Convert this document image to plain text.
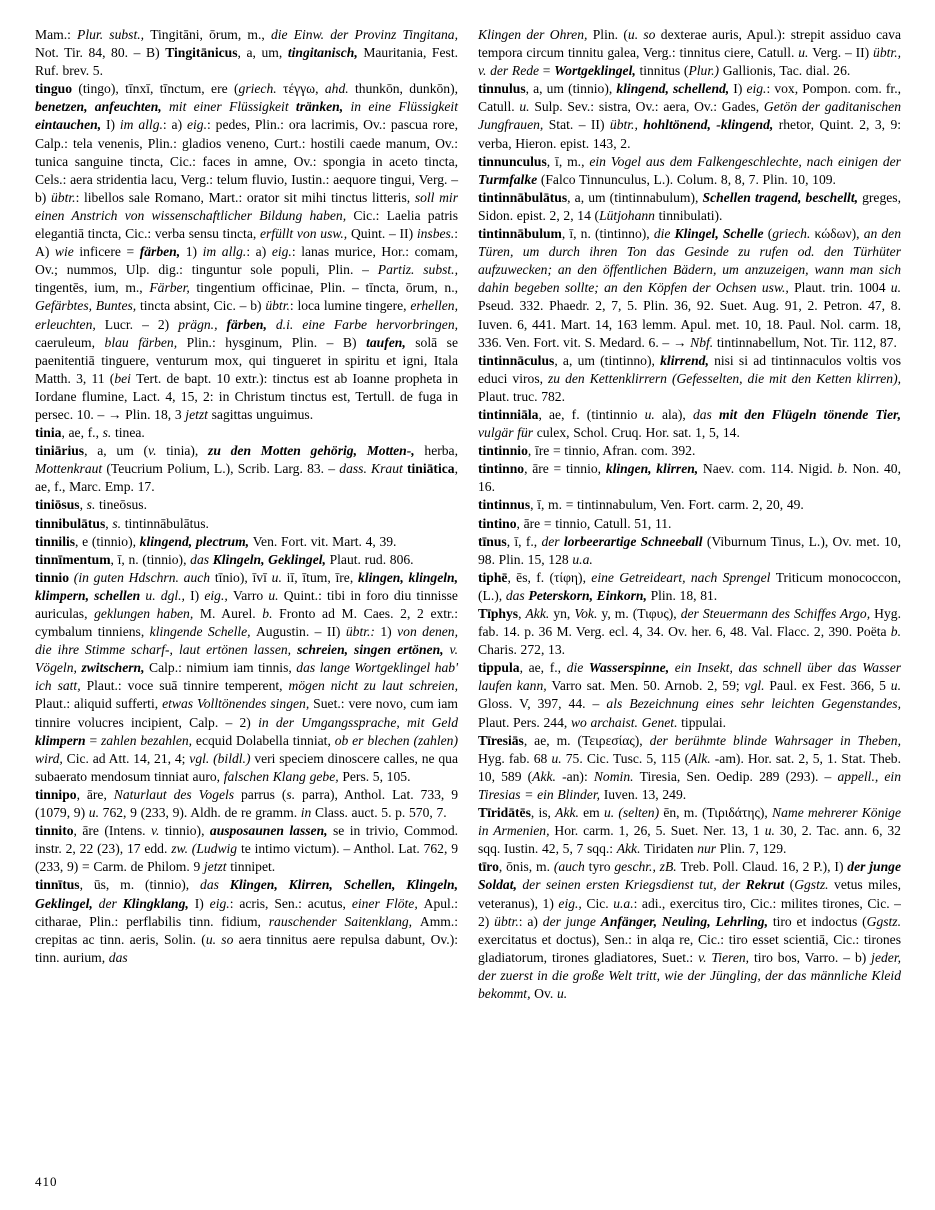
Mam.: Plur. subst., Tingitāni, ōrum, m., die Einw. der Provinz Tingitana, Not. Tir. 84, 80. – B) Tingitānicus, a, um, tingitanisch, Mauritania, Fest. Ruf. brev. 5.

tinguo (tingo), tīnxī, tīnctum, ere (griech. τέγγω, ahd. thunkōn, dunkōn), benetzen, anfeuchten, mit einer Flüssigkeit tränken, in eine Flüssigkeit eintauchen, I) im allg.: a) eig.: pedes, Plin.: ora lacrimis, Ov.: pascua rore, Calp.: tela venenis, Plin.: gladios veneno, Curt.: hostili caede manum, Ov.: tunica sanguine tincta, Cic.: faces in amne, Ov.: spongia in aceto tincta, Cels.: aera stridentia lacu, Verg.: telum fluvio, Iustin.: aequore tingui, Verg. – b) übtr.: libellos sale Romano, Mart.: orator sit mihi tinctus litteris, soll mir einen Anstrich von wissenschaftlicher Bildung haben, Cic.: Laelia patris elegantiā tincta, Cic.: verba sensu tincta, erfüllt von usw., Quint. – II) insbes.: A) wie inficere = färben, 1) im allg.: a) eig.: lanas murice, Hor.: comam, Ov.; nummos, Ulp. dig.: tinguntur sole populi, Plin. – Partiz. subst., tingentēs, ium, m., Färber, tingentium officinae, Plin. – tīncta, ōrum, n., Gefärbtes, Buntes, tincta absint, Cic. – b) übtr.: loca lumine tingere, erhellen, erleuchten, Lucr. – 2) prägn., färben, d.i. eine Farbe hervorbringen, caeruleum, blau färben, Plin.: hysginum, Plin. – B) taufen, solā se paenitentiā tinguere, venturum mox, qui tingueret in spiritu et igni, Itala Matth. 3, 11 (bei Tert. de bapt. 10 extr.): tinctus est ab Ioanne propheta in Iordane flumine, Lact. 4, 15, 2: in Christum tinctus est, Tertull. de fuga in persec. 10. – → Plin. 18, 3 jetzt sagittas unguimus.

tinia, ae, f., s. tinea.

tiniārius, a, um (v. tinia), zu den Motten gehörig, Motten-, herba, Mottenkraut (Teucrium Polium, L.), Scrib. Larg. 83. – dass. Kraut tiniātica, ae, f., Marc. Emp. 17.

tiniōsus, s. tineōsus.

tinnibulātus, s. tintinnābulātus.

tinnilis, e (tinnio), klingend, plectrum, Ven. Fort. vit. Mart. 4, 39.

tinnīmentum, ī, n. (tinnio), das Klingeln, Geklingel, Plaut. rud. 806.

tinnio (in guten Hdschrn. auch tīnio), īvī u. iī, ītum, īre, klingen, klingeln, klimpern, schellen u. dgl., I) eig., Varro u. Quint.: tibi in foro diu tinnisse auriculas, geklungen haben, M. Aurel. b. Fronto ad M. Caes. 2, 2 extr.: cymbalum tinniens, klingende Schelle, Augustin. – II) übtr.: 1) von denen, die ihre Stimme scharf-, laut ertönen lassen, schreien, singen ertönen, v. Vögeln, zwitschern, Calp.: nimium iam tinnis, das lange Wortgeklingel hab' ich satt, Plaut.: voce suā tinnire temperent, mögen nicht zu laut schreien, Plaut.: aliquid sufferti, etwas Volltönendes singen, Suet.: vere novo, cum iam tinnire volucres incipient, Calp. – 2) in der Umgangssprache, mit Geld klimpern = zahlen bezahlen, ecquid Dolabella tinniat, ob er blechen (zahlen) wird, Cic. ad Att. 14, 21, 4; vgl. (bildl.) veri speciem dinoscere calles, ne qua subaerato mendosum tinniat auro, falschen Klang gebe, Pers. 5, 105.

tinnipo, āre, Naturlaut des Vogels parrus (s. parra), Anthol. Lat. 733, 9 (1079, 9) u. 762, 9 (233, 9). Aldh. de re gramm. in Class. auct. 5. p. 570, 7.

tinnito, āre (Intens. v. tinnio), ausposaunen lassen, se in trivio, Commod. instr. 2, 22 (23), 17 edd. zw. (Ludwig te intimo victum). – Anthol. Lat. 762, 9 (233, 9) = Carm. de Philom. 9 jetzt tinnipet.

tinnītus, ūs, m. (tinnio), das Klingen, Klirren, Schellen, Klingeln, Geklingel, der Klingklang, I) eig.: acris, Sen.: acutus, einer Flöte, Apul.: citharae, Plin.: perflabilis tinn. fidium, rauschender Saitenklang, Amm.: crepitas ac tinn. aeris, Solin. (u. so aera tinnitus aere repulsa dabunt, Ov.): tinn. aurium, das

Klingen der Ohren, Plin. (u. so dexterae auris, Apul.): strepit assiduo cava tempora circum tinnitu galea, Verg.: tinnitus ciere, Catull. u. Verg. – II) übtr., v. der Rede = Wortgeklingel, tinnitus (Plur.) Gallionis, Tac. dial. 26.

tinnulus, a, um (tinnio), klingend, schellend, I) eig.: vox, Pompon. com. fr., Catull. u. Sulp. Sev.: sistra, Ov.: aera, Ov.: Gades, Getön der gaditanischen Jungfrauen, Stat. – II) übtr., hohltönend, -klingend, rhetor, Quint. 2, 3, 9: verba, Hieron. epist. 143, 2.

tinnunculus, ī, m., ein Vogel aus dem Falkengeschlechte, nach einigen der Turmfalke (Falco Tinnunculus, L.). Colum. 8, 8, 7. Plin. 10, 109.

tintinnābulātus, a, um (tintinnabulum), Schellen tragend, beschellt, greges, Sidon. epist. 2, 2, 14 (Lütjohann tinnibulati).

tintinnābulum, ī, n. (tintinno), die Klingel, Schelle (griech. κώδων), an den Türen, um durch ihren Ton das Gesinde zu rufen od. den Türhüter aufzuwecken; an den öffentlichen Bädern, um anzuzeigen, wann man sich dahin begeben sollte; an den Köpfen der Ochsen usw., Plaut. trin. 1004 u. Pseud. 332. Phaedr. 2, 7, 5. Plin. 36, 92. Suet. Aug. 91, 2. Petron. 47, 8. Iuven. 6, 441. Mart. 14, 163 lemm. Apul. met. 10, 18. Paul. Nol. carm. 18, 336. Ven. Fort. vit. S. Medard. 6. – → Nbf. tintinnabellum, Not. Tir. 112, 87.

tintinnāculus, a, um (tintinno), klirrend, nisi si ad tintinnaculos voltis vos educi viros, zu den Kettenklirrern (Gefesselten, die mit den Ketten klirren), Plaut. truc. 782.

tintinniāla, ae, f. (tintinnio u. ala), das mit den Flügeln tönende Tier, vulgär für culex, Schol. Cruq. Hor. sat. 1, 5, 14.

tintinnio, īre = tinnio, Afran. com. 392.

tintinno, āre = tinnio, klingen, klirren, Naev. com. 114. Nigid. b. Non. 40, 16.

tintinnus, ī, m. = tintinnabulum, Ven. Fort. carm. 2, 20, 49.

tintino, āre = tinnio, Catull. 51, 11.

tīnus, ī, f., der lorbeerartige Schneeball (Viburnum Tinus, L.), Ov. met. 10, 98. Plin. 15, 128 u.a.

tiphē, ēs, f. (τίφη), eine Getreideart, nach Sprengel Triticum monococcon, (L.), das Peterskorn, Einkorn, Plin. 18, 81.

Tīphys, Akk. yn, Vok. y, m. (Τιφυς), der Steuermann des Schiffes Argo, Hyg. fab. 14. p. 36 M. Verg. ecl. 4, 34. Ov. her. 6, 48. Val. Flacc. 2, 390. Poëta b. Charis. 272, 13.

tippula, ae, f., die Wasserspinne, ein Insekt, das schnell über das Wasser laufen kann, Varro sat. Men. 50. Arnob. 2, 59; vgl. Paul. ex Fest. 366, 5 u. Gloss. V, 397, 44. – als Bezeichnung eines sehr leichten Gegenstandes, Plaut. Pers. 244, wo archaist. Genet. tippulai.

Tīresiās, ae, m. (Τειρεσίας), der berühmte blinde Wahrsager in Theben, Hyg. fab. 68 u. 75. Cic. Tusc. 5, 115 (Alk. -am). Hor. sat. 2, 5, 1. Stat. Theb. 10, 589 (Akk. -an): Nomin. Tiresia, Sen. Oedip. 289 (293). – appell., ein Tiresias = ein Blinder, Iuven. 13, 249.

Tīridātēs, is, Akk. em u. (selten) ēn, m. (Τιριδάτης), Name mehrerer Könige in Armenien, Hor. carm. 1, 26, 5. Suet. Ner. 13, 1 u. 30, 2. Tac. ann. 6, 32 sqq. Iustin. 42, 5, 7 sqq.: Akk. Tiridaten nur Plin. 7, 129.

tīro, ōnis, m. (auch tyro geschr., zB. Treb. Poll. Claud. 16, 2 P.), I) der junge Soldat, der seinen ersten Kriegsdienst tut, der Rekrut (Ggstz. vetus miles, veteranus), 1) eig., Cic. u.a.: adi., exercitus tiro, Cic.: milites tirones, Cic. – 2) übtr.: a) der junge Anfänger, Neuling, Lehrling, tiro et indoctus (Ggstz. exercitatus et doctus), Sen.: in alqa re, Cic.: tiro esset scientiā, Cic.: tirones gladiatorum, tirones gladiatores, Suet.: v. Tieren, tiro bos, Varro. – b) jeder, der zuerst in die große Welt tritt, wie der Jüngling, der das männliche Kleid bekommt, Ov. u.

410
